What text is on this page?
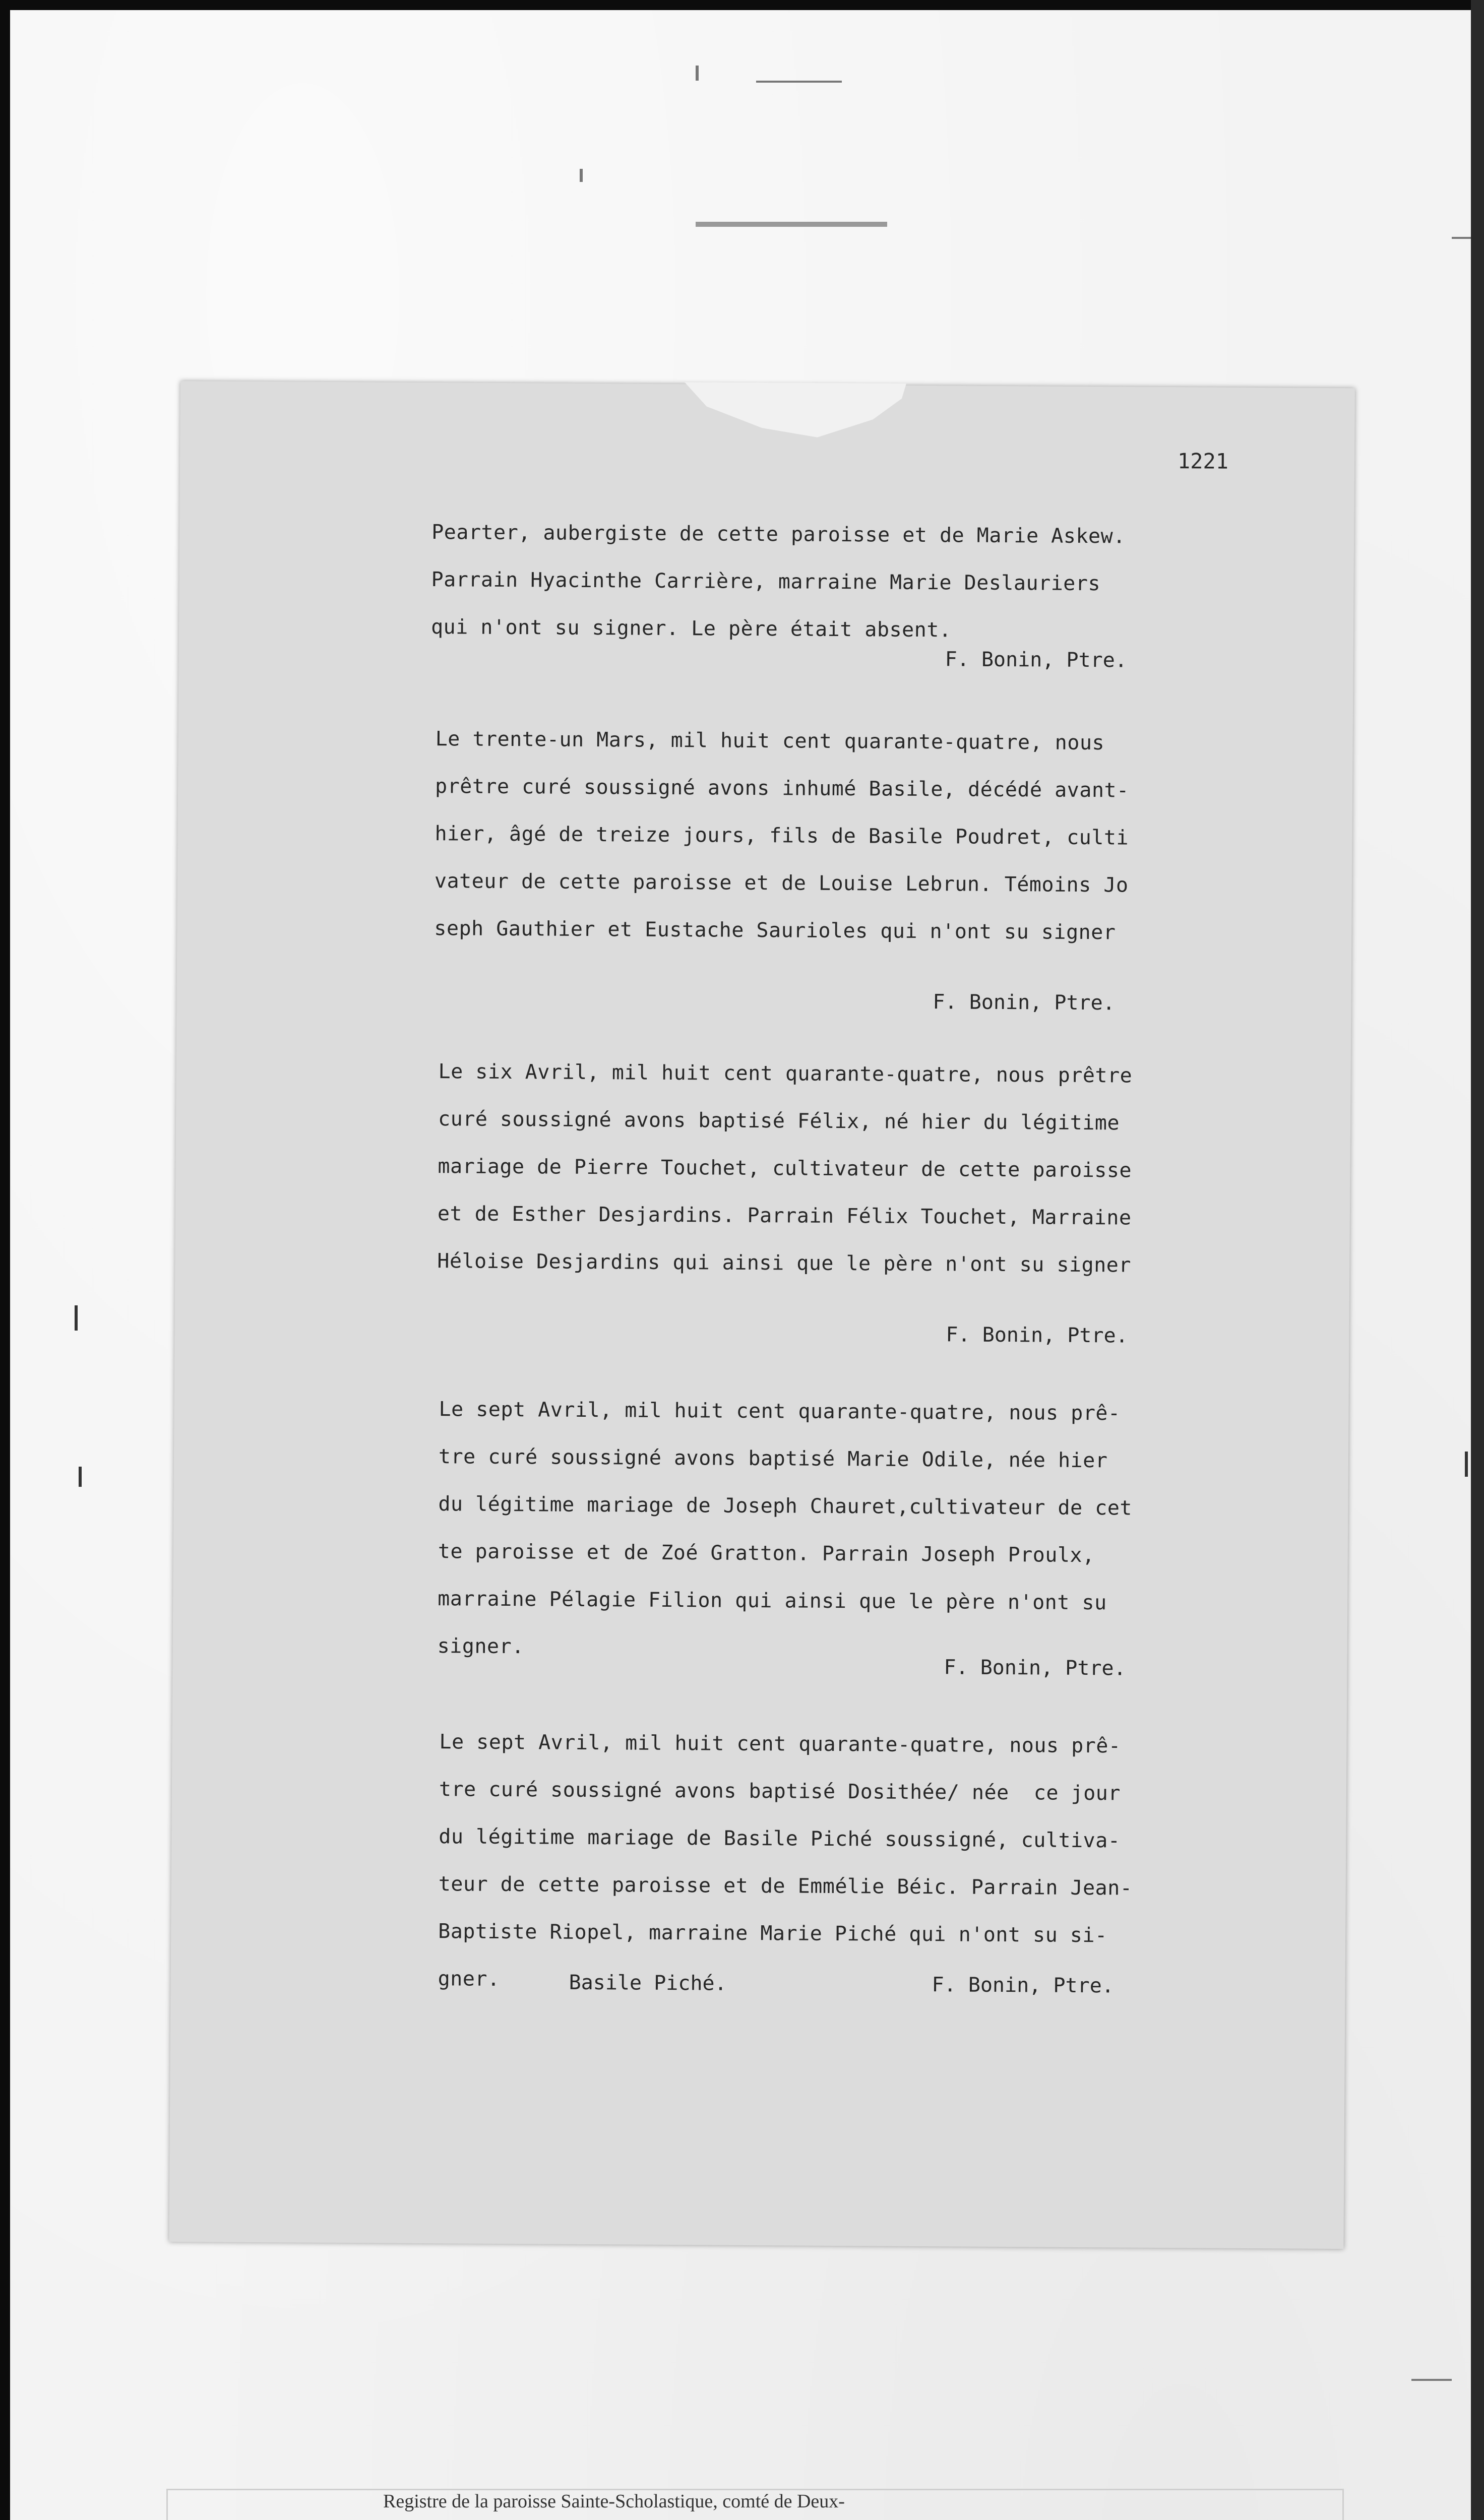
1221
Pearter, aubergiste de cette paroisse et de Marie Askew.
Parrain Hyacinthe Carrière, marraine Marie Deslauriers
qui n'ont su signer. Le père était absent.
F. Bonin, Ptre.
Le trente-un Mars, mil huit cent quarante-quatre, nous
prêtre curé soussigné avons inhumé Basile, décédé avant-
hier, âgé de treize jours, fils de Basile Poudret, culti
vateur de cette paroisse et de Louise Lebrun. Témoins Jo
seph Gauthier et Eustache Saurioles qui n'ont su signer
F. Bonin, Ptre.
Le six Avril, mil huit cent quarante-quatre, nous prêtre
curé soussigné avons baptisé Félix, né hier du légitime
mariage de Pierre Touchet, cultivateur de cette paroisse
et de Esther Desjardins. Parrain Félix Touchet, Marraine
Héloise Desjardins qui ainsi que le père n'ont su signer
F. Bonin, Ptre.
Le sept Avril, mil huit cent quarante-quatre, nous prê-
tre curé soussigné avons baptisé Marie Odile, née hier
du légitime mariage de Joseph Chauret,cultivateur de cet
te paroisse et de Zoé Gratton. Parrain Joseph Proulx,
marraine Pélagie Filion qui ainsi que le père n'ont su
signer.
F. Bonin, Ptre.
Le sept Avril, mil huit cent quarante-quatre, nous prê-
tre curé soussigné avons baptisé Dosithée/ née  ce jour
du légitime mariage de Basile Piché soussigné, cultiva-
teur de cette paroisse et de Emmélie Béic. Parrain Jean-
Baptiste Riopel, marraine Marie Piché qui n'ont su si-
gner.	Basile Piché.	F. Bonin, Ptre.

Registre de la paroisse Sainte-Scholastique, comté de Deux-
